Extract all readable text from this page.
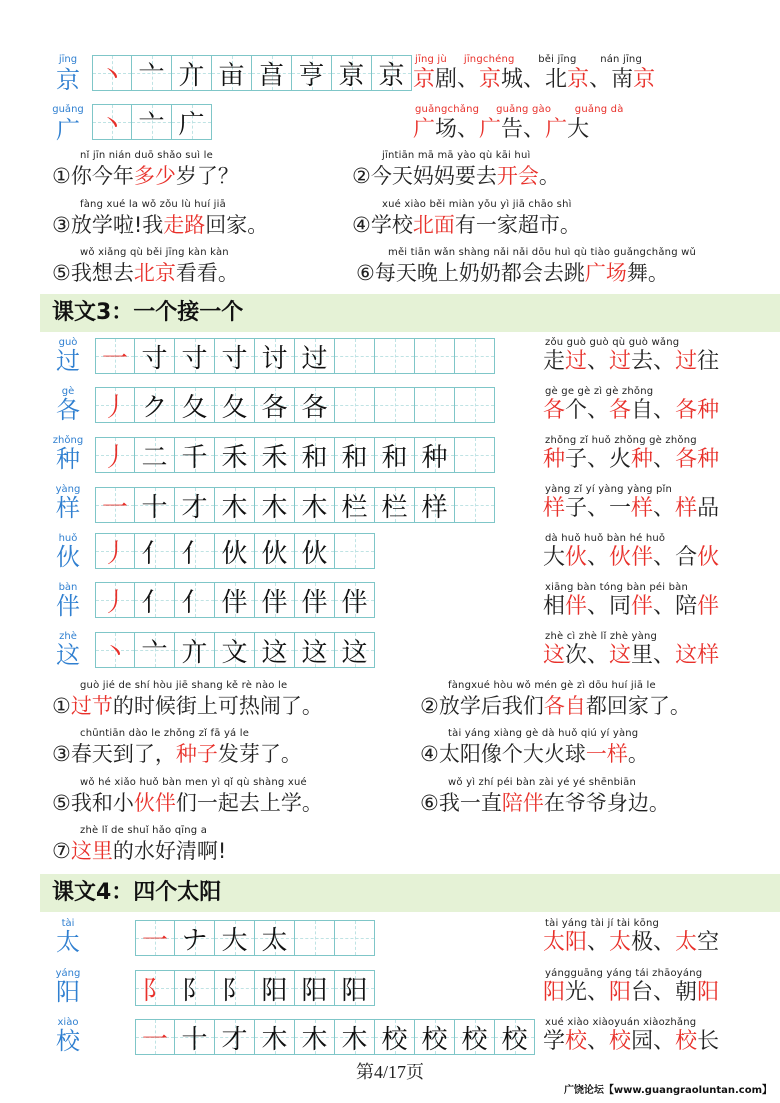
jīng
京 丶 亠 亣 亩 亯 亨 亰 京
jīng jù jīngchéng běi jīng nán jīng
京剧、京城、北京、南京
guǎng
广 丶 亠 广	guǎngchǎng guǎng gào guǎng dà
广场、广告、广大
nǐ jīn nián duō shǎo suì le
①你今年多少岁了？
jīntiān mā mā yào qù kāi huì
②今天妈妈要去开会。
fàng xué la wǒ zǒu lù huí jiā
③放学啦!我走路回家。
xué xiào běi miàn yǒu yì jiā chāo shì
④学校北面有一家超市。
wǒ xiǎng qù běi jīng kàn kàn
⑤我想去北京看看。
měi tiān wǎn shàng nǎi nǎi dōu huì qù tiào guǎngchǎng wǔ
⑥每天晚上奶奶都会去跳广场舞。
课文3：一个接一个
guò
过 一 寸 寸 寸 讨 过
zǒu guò guò qù guò wǎng
走过、过去、过往
gè
各 丿 ク 夂 夂 各 各
gè ge gè zì gè zhǒng
各个、各自、各种
zhǒng
种 丿 二 千 禾 禾 和 和 和 种
zhǒng zǐ huǒ zhǒng gè zhǒng
种子、火种、各种
yàng
样 一 十 才 木 木 木 栏 栏 样
yàng zǐ yí yàng yàng pǐn
样子、一样、样品
huǒ
伙 丿 亻 亻 伙 伙 伙	dà huǒ huǒ bàn hé huǒ
大伙、伙伴、合伙
bàn
伴 丿 亻 亻 伴 伴 伴 伴	xiāng bàn tóng bàn péi bàn
相伴、同伴、陪伴
zhè
这 丶 亠 亣 文 这 这 这
zhè cì zhè lǐ zhè yàng
这次、这里、这样
guò jié de shí hòu jiē shang kě rè nào le
①过节的时候街上可热闹了。
fàngxué hòu wǒ mén gè zì dōu huí jiā le
②放学后我们各自都回家了。
chūntiān dào le zhǒng zǐ fā yá le
③春天到了，种子发芽了。
tài yáng xiàng gè dà huǒ qiú yí yàng
④太阳像个大火球一样。
wǒ hé xiǎo huǒ bàn men yì qǐ qù shàng xué
⑤我和小伙伴们一起去上学。
wǒ yì zhí péi bàn zài yé yé shēnbiān
⑥我一直陪伴在爷爷身边。
zhè lǐ de shuǐ hǎo qīng a
⑦这里的水好清啊!
课文4：四个太阳
tài
太	一 ナ 大 太
tài yáng tài jí tài kōng
太阳、太极、太空
yáng
阳	阝 阝 阝 阳 阳 阳
yángguāng yáng tái zhāoyáng
阳光、阳台、朝阳
xiào
校	一 十 才 木 木 木 校 校 校 校
xué xiào xiàoyuán xiàozhǎng
学校、校园、校长
第4/17页
广饶论坛【www.guangraoluntan.com】
